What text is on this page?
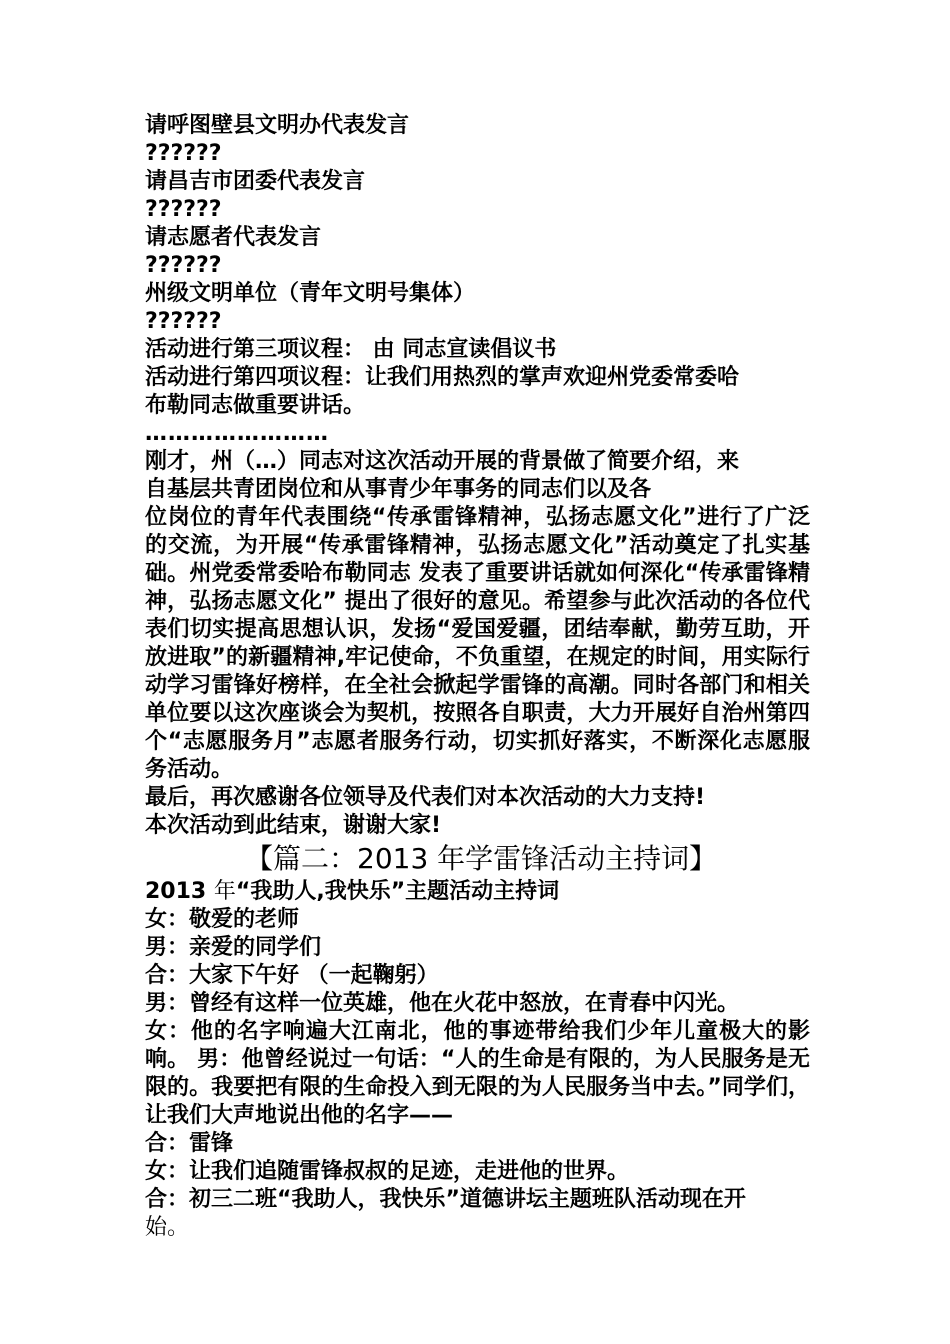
请呼图壁县文明办代表发言

??????

请昌吉市团委代表发言

??????

请志愿者代表发言

??????

州级文明单位（青年文明号集体）

??????

活动进行第三项议程： 由 同志宣读倡议书

活动进行第四项议程：让我们用热烈的掌声欢迎州党委常委哈

布勒同志做重要讲话。

……………………

刚才，州（…）同志对这次活动开展的背景做了简要介绍，来

自基层共青团岗位和从事青少年事务的同志们以及各

位岗位的青年代表围绕“传承雷锋精神，弘扬志愿文化”进行了广泛的交流，为开展“传承雷锋精神，弘扬志愿文化”活动奠定了扎实基础。州党委常委哈布勒同志 发表了重要讲话就如何深化“传承雷锋精神，弘扬志愿文化” 提出了很好的意见。希望参与此次活动的各位代表们切实提高思想认识，发扬“爱国爱疆，团结奉献，勤劳互助，开放进取”的新疆精神,牢记使命，不负重望，在规定的时间，用实际行动学习雷锋好榜样，在全社会掀起学雷锋的高潮。同时各部门和相关单位要以这次座谈会为契机，按照各自职责，大力开展好自治州第四个“志愿服务月”志愿者服务行动，切实抓好落实，不断深化志愿服务活动。

最后，再次感谢各位领导及代表们对本次活动的大力支持!

本次活动到此结束，谢谢大家!

【篇二：2013 年学雷锋活动主持词】

2013 年“我助人,我快乐”主题活动主持词

女：敬爱的老师

男：亲爱的同学们

合：大家下午好 （一起鞠躬）

男：曾经有这样一位英雄，他在火花中怒放，在青春中闪光。

女：他的名字响遍大江南北，他的事迹带给我们少年儿童极大的影响。 男：他曾经说过一句话：“人的生命是有限的，为人民服务是无限的。我要把有限的生命投入到无限的为人民服务当中去。”同学们，让我们大声地说出他的名字——

合：雷锋

女：让我们追随雷锋叔叔的足迹，走进他的世界。

合：初三二班“我助人，我快乐”道德讲坛主题班队活动现在开

始。
